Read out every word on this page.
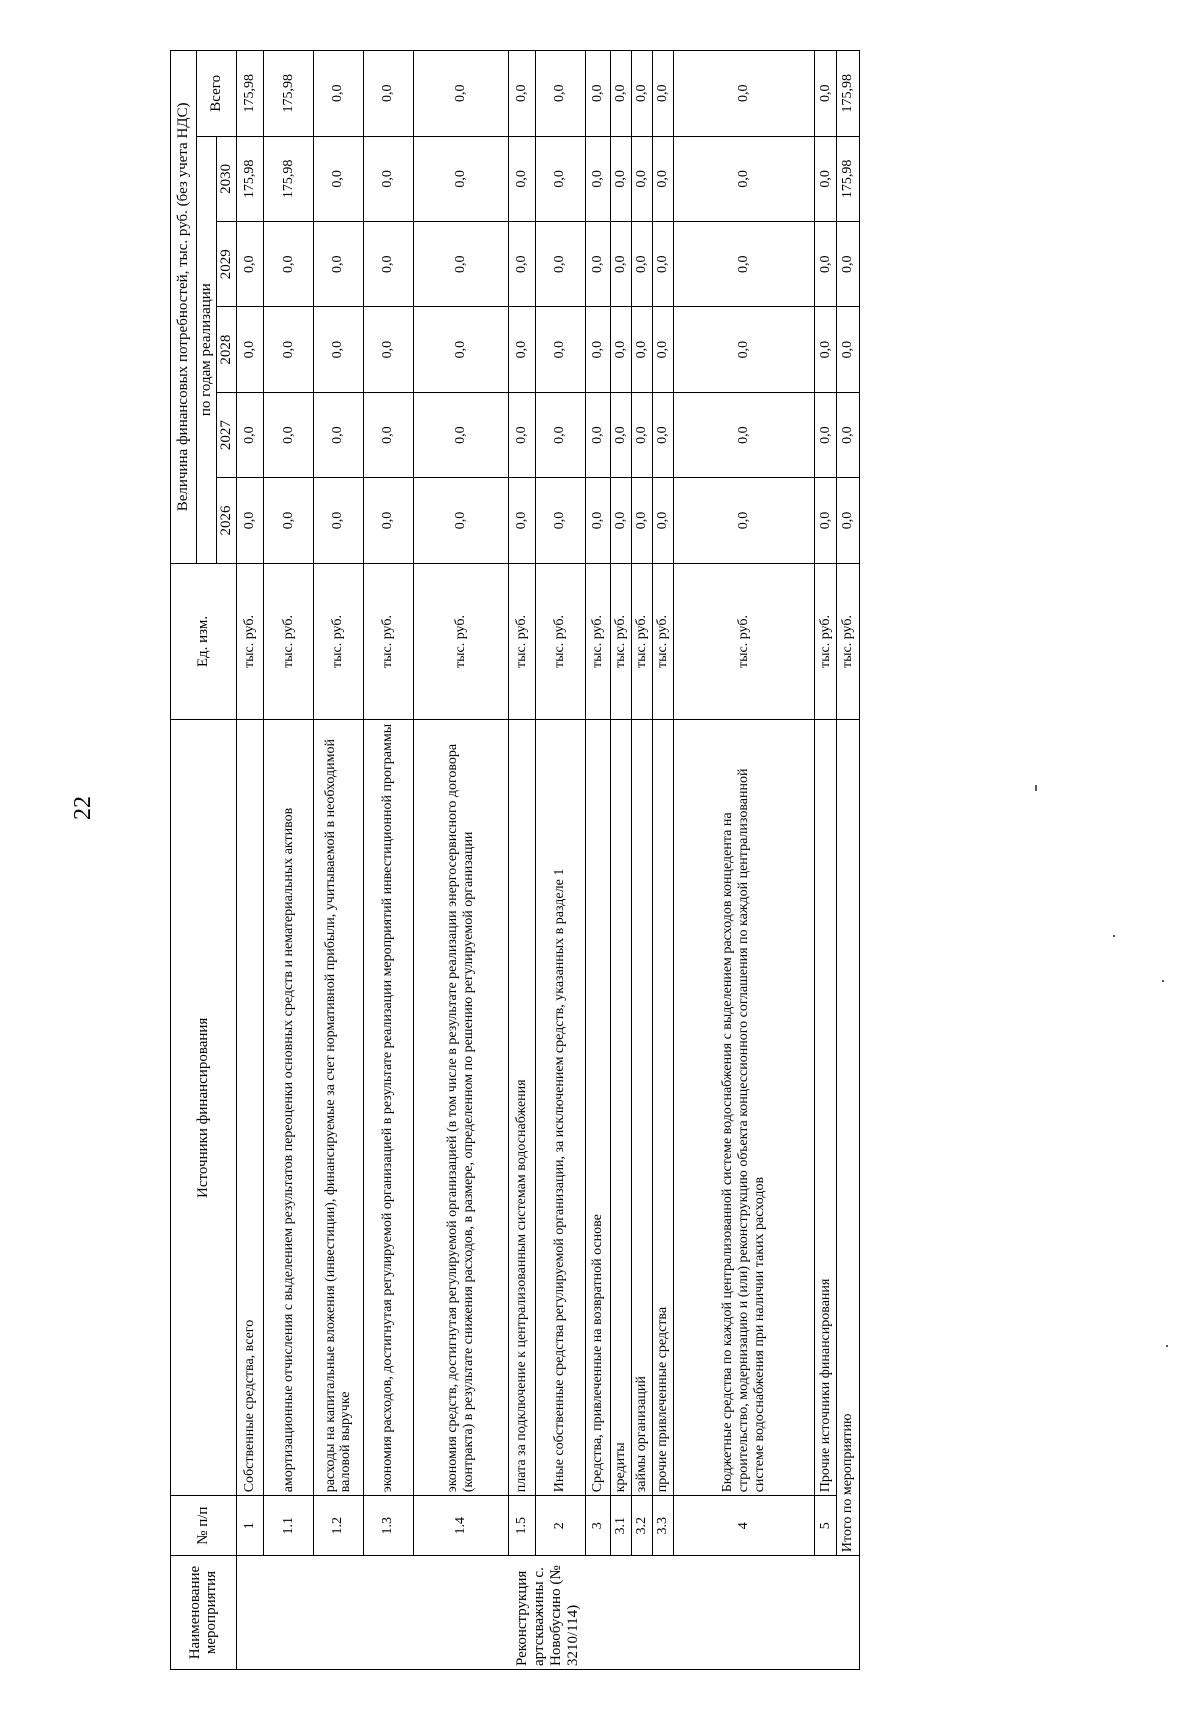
22
Наименование мероприятия	№ п/п	Источники финансирования	Ед. изм.	Величина финансовых потребностей, тыс. руб. (без учета НДС)					
				по годам реализации					Всего
				2026	2027	2028	2029	2030	
Реконструкция артскважины с. Новобусино (№ 3210/114)	1	Собственные средства, всего	тыс. руб.	0,0	0,0	0,0	0,0	175,98	175,98
	1.1	амортизационные отчисления с выделением результатов переоценки основных средств и нематериальных активов	тыс. руб.	0,0	0,0	0,0	0,0	175,98	175,98
	1.2	расходы на капитальные вложения (инвестиции), финансируемые за счет нормативной прибыли, учитываемой в необходимой валовой выручке	тыс. руб.	0,0	0,0	0,0	0,0	0,0	0,0
	1.3	экономия расходов, достигнутая регулируемой организацией в результате реализации мероприятий инвестиционной программы	тыс. руб.	0,0	0,0	0,0	0,0	0,0	0,0
	1.4	экономия средств, достигнутая регулируемой организацией (в том числе в результате реализации энергосервисного договора (контракта) в результате снижения расходов, в размере, определенном по решению регулируемой организации	тыс. руб.	0,0	0,0	0,0	0,0	0,0	0,0
	1.5	плата за подключение к централизованным системам водоснабжения	тыс. руб.	0,0	0,0	0,0	0,0	0,0	0,0
	2	Иные собственные средства регулируемой организации, за исключением средств, указанных в разделе 1	тыс. руб.	0,0	0,0	0,0	0,0	0,0	0,0
	3	Средства, привлеченные на возвратной основе	тыс. руб.	0,0	0,0	0,0	0,0	0,0	0,0
	3.1	кредиты	тыс. руб.	0,0	0,0	0,0	0,0	0,0	0,0
	3.2	займы организаций	тыс. руб.	0,0	0,0	0,0	0,0	0,0	0,0
	3.3	прочие привлеченные средства	тыс. руб.	0,0	0,0	0,0	0,0	0,0	0,0
	4	Бюджетные средства по каждой централизованной системе водоснабжения с выделением расходов концедента на строительство, модернизацию и (или) реконструкцию объекта концессионного соглашения по каждой централизованной системе водоснабжения при наличии таких расходов	тыс. руб.	0,0	0,0	0,0	0,0	0,0	0,0
	5	Прочие источники финансирования	тыс. руб.	0,0	0,0	0,0	0,0	0,0	0,0
	Итого по мероприятию		тыс. руб.	0,0	0,0	0,0	0,0	175,98	175,98
